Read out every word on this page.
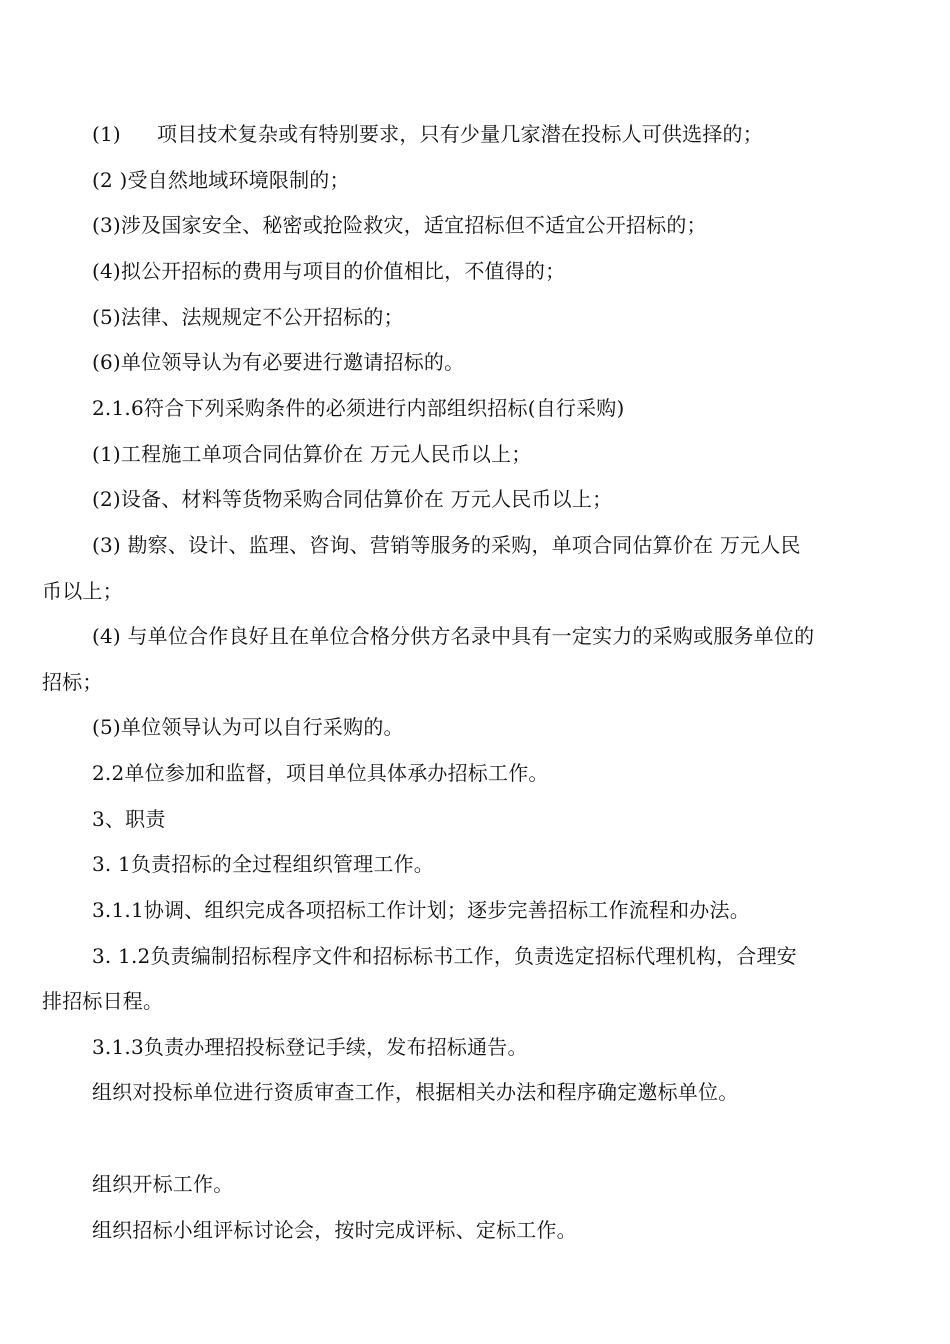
(1) 项目技术复杂或有特别要求，只有少量几家潜在投标人可供选择的；
(2 )受自然地域环境限制的；
(3)涉及国家安全、秘密或抢险救灾，适宜招标但不适宜公开招标的；
(4)拟公开招标的费用与项目的价值相比，不值得的；
(5)法律、法规规定不公开招标的；
(6)单位领导认为有必要进行邀请招标的。
2.1.6符合下列采购条件的必须进行内部组织招标(自行采购)
(1)工程施工单项合同估算价在 万元人民币以上；
(2)设备、材料等货物采购合同估算价在 万元人民币以上；
(3) 勘察、设计、监理、咨询、营销等服务的采购，单项合同估算价在 万元人民
币以上；
(4) 与单位合作良好且在单位合格分供方名录中具有一定实力的采购或服务单位的
招标；
(5)单位领导认为可以自行采购的。
2.2单位参加和监督，项目单位具体承办招标工作。
3、职责
3. 1负责招标的全过程组织管理工作。
3.1.1协调、组织完成各项招标工作计划；逐步完善招标工作流程和办法。
3. 1.2负责编制招标程序文件和招标标书工作，负责选定招标代理机构，合理安
排招标日程。
3.1.3负责办理招投标登记手续，发布招标通告。
组织对投标单位进行资质审查工作，根据相关办法和程序确定邀标单位。
组织开标工作。
组织招标小组评标讨论会，按时完成评标、定标工作。
